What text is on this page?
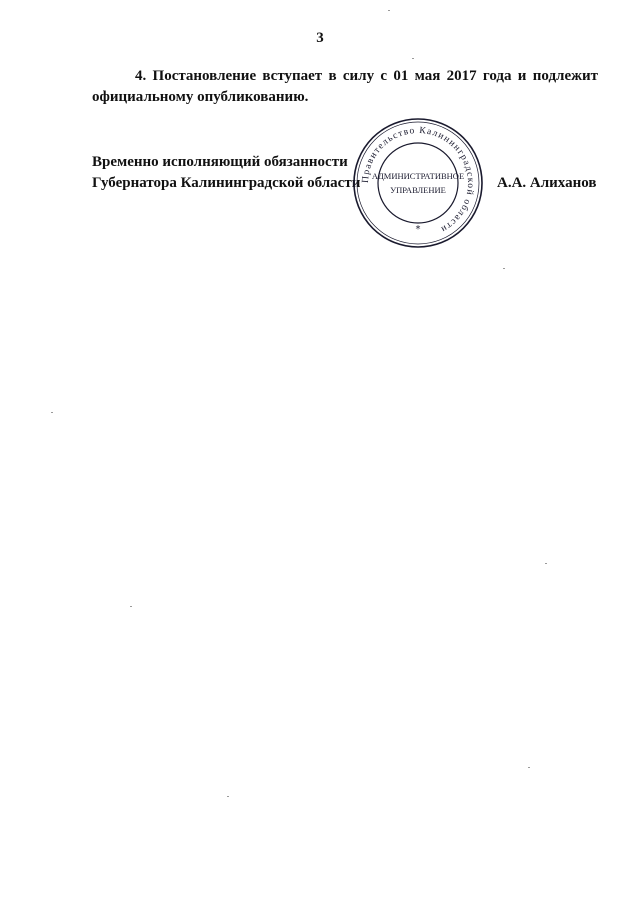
3
4. Постановление вступает в силу с 01 мая 2017 года и подлежит
официальному опубликованию.
Временно исполняющий обязанности
Губернатора Калининградской области Правительство Калининградской области
АДМИНИСТРАТИВНОЕ
УПРАВЛЕНИЕ
*
А.А. Алиханов
